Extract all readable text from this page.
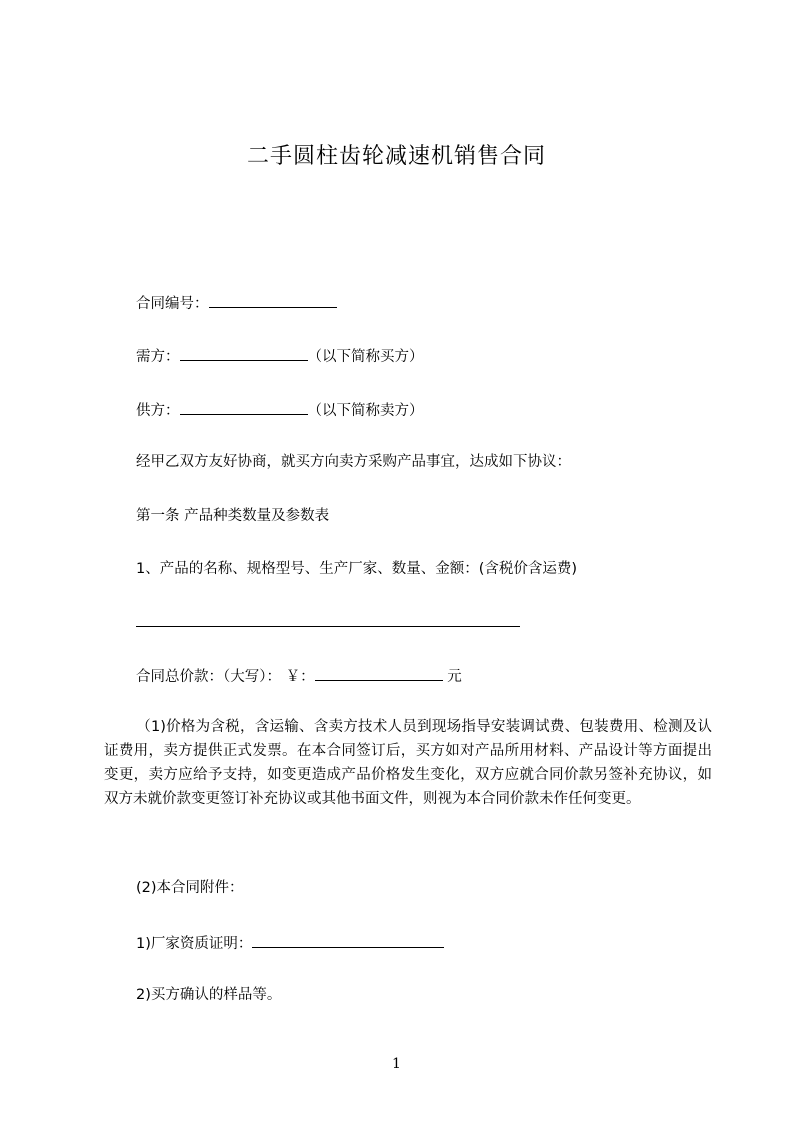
二手圆柱齿轮减速机销售合同
合同编号：
需方：	（以下简称买方）
供方：	（以下简称卖方）
经甲乙双方友好协商，就买方向卖方采购产品事宜，达成如下协议：
第一条 产品种类数量及参数表
1、产品的名称、规格型号、生产厂家、数量、金额：(含税价含运费)
合同总价款：（大写）： ￥：	元
（1)价格为含税，含运输、含卖方技术人员到现场指导安装调试费、包装费用、检测及认证费用，卖方提供正式发票。在本合同签订后，买方如对产品所用材料、产品设计等方面提出变更，卖方应给予支持，如变更造成产品价格发生变化，双方应就合同价款另签补充协议，如双方未就价款变更签订补充协议或其他书面文件，则视为本合同价款未作任何变更。
(2)本合同附件：
1)厂家资质证明：
2)买方确认的样品等。
1
